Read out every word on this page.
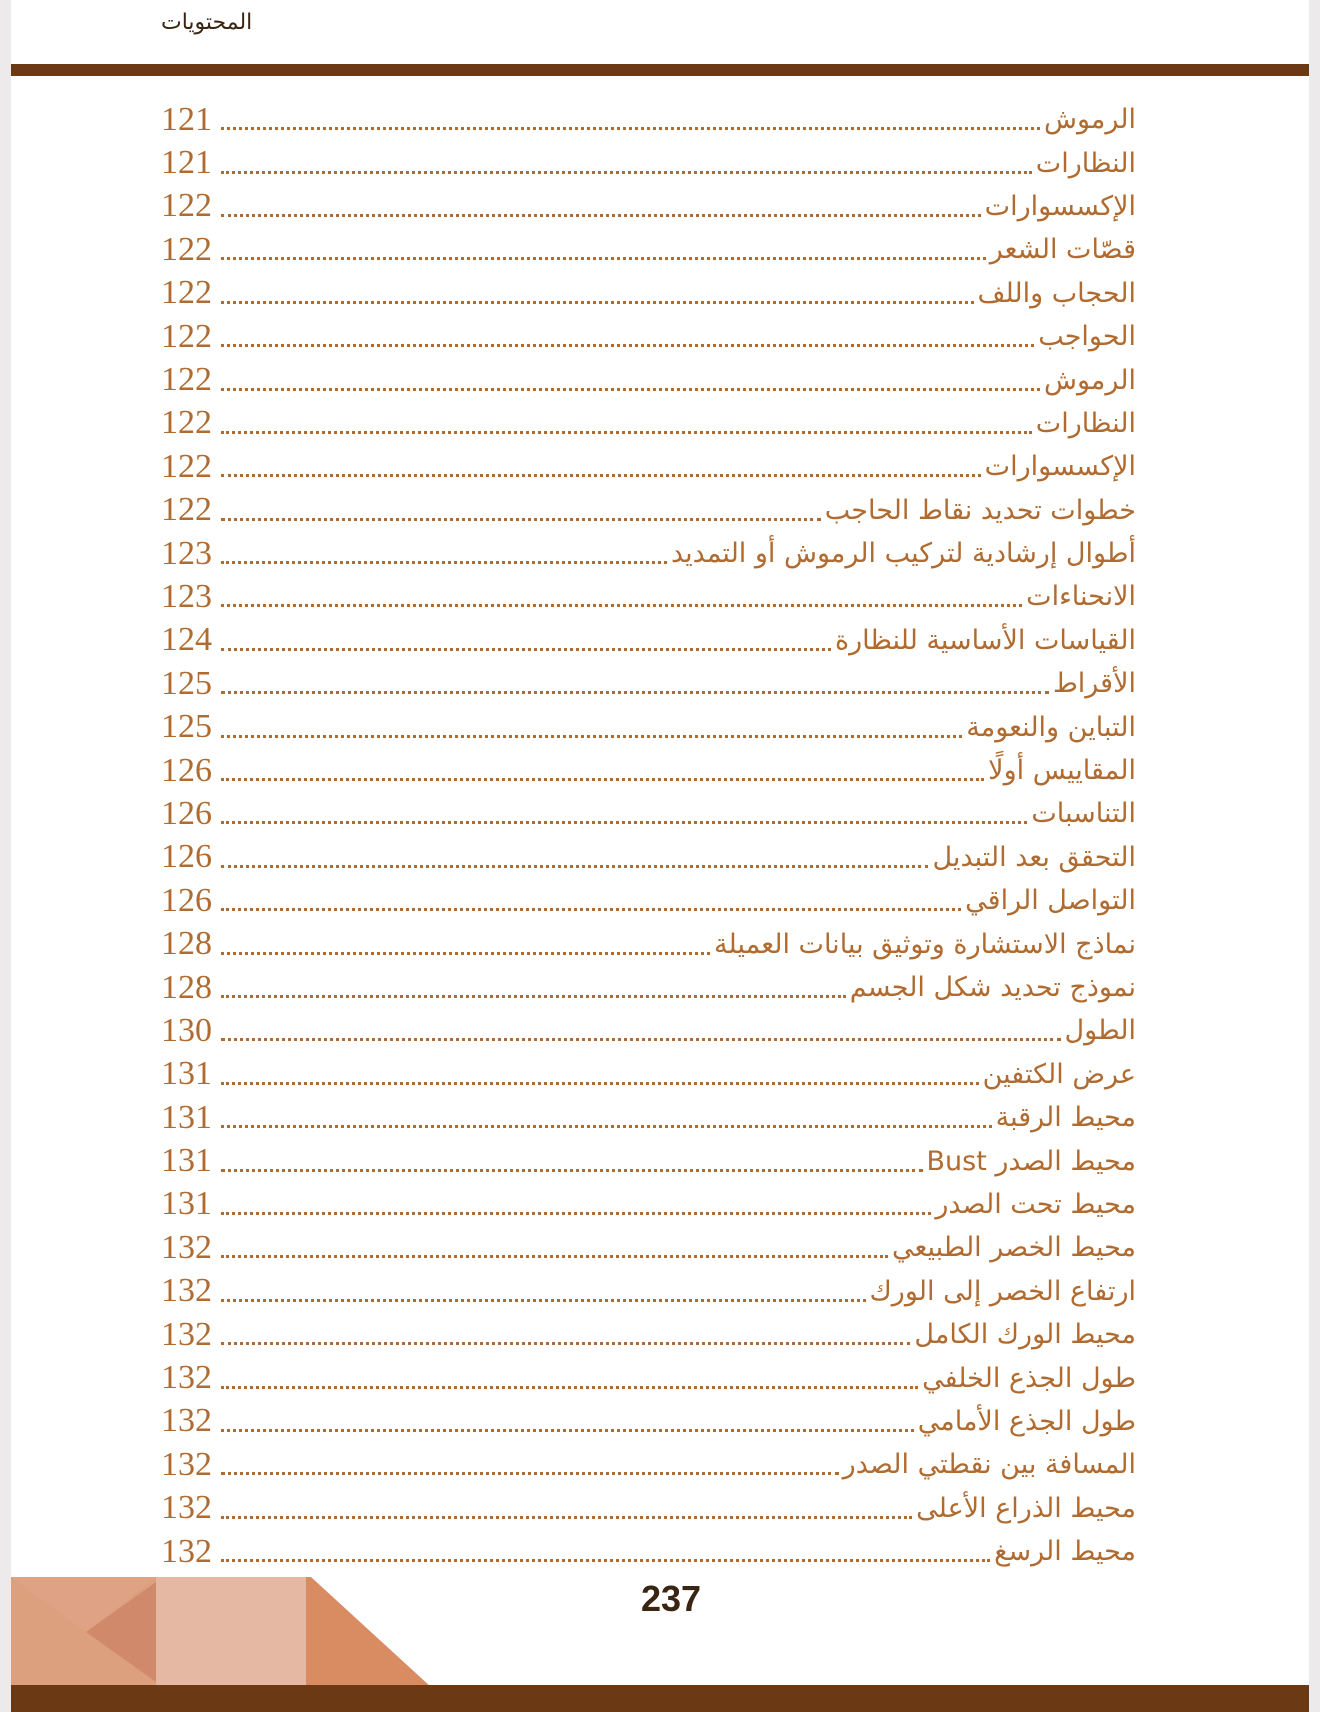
المحتويات
الرموش
121
النظارات
121
الإكسسوارات
122
قصّات الشعر
122
الحجاب واللف
122
الحواجب
122
الرموش
122
النظارات
122
الإكسسوارات
122
خطوات تحديد نقاط الحاجب
122
أطوال إرشادية لتركيب الرموش أو التمديد
123
الانحناءات
123
القياسات الأساسية للنظارة
124
الأقراط
125
التباين والنعومة
125
المقاييس أولًا
126
التناسبات
126
التحقق بعد التبديل
126
التواصل الراقي
126
نماذج الاستشارة وتوثيق بيانات العميلة
128
نموذج تحديد شكل الجسم
128
الطول
130
عرض الكتفين
131
محيط الرقبة
131
محيط الصدر Bust
131
محيط تحت الصدر
131
محيط الخصر الطبيعي
132
ارتفاع الخصر إلى الورك
132
محيط الورك الكامل
132
طول الجذع الخلفي
132
طول الجذع الأمامي
132
المسافة بين نقطتي الصدر
132
محيط الذراع الأعلى
132
محيط الرسغ
132
237
